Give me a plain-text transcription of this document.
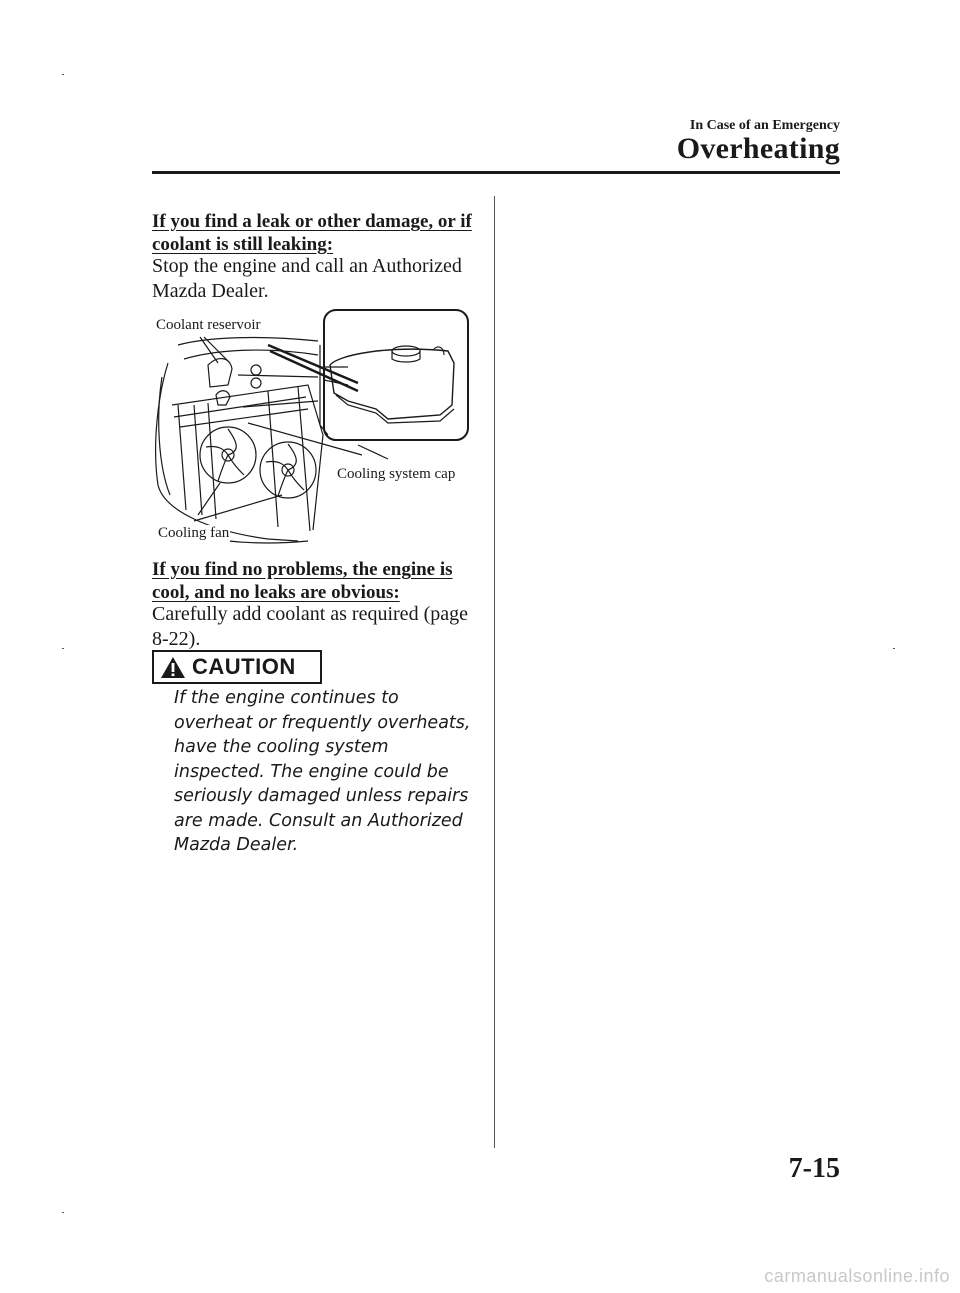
In Case of an Emergency
Overheating

If you find a leak or other damage, or if coolant is still leaking:

Stop the engine and call an Authorized Mazda Dealer.

Coolant reservoir
Cooling system cap
Cooling fan

If you find no problems, the engine is cool, and no leaks are obvious:

Carefully add coolant as required (page 8-22).

CAUTION

If the engine continues to overheat or frequently overheats, have the cooling system inspected. The engine could be seriously damaged unless repairs are made. Consult an Authorized Mazda Dealer.

7-15
carmanualsonline.info
